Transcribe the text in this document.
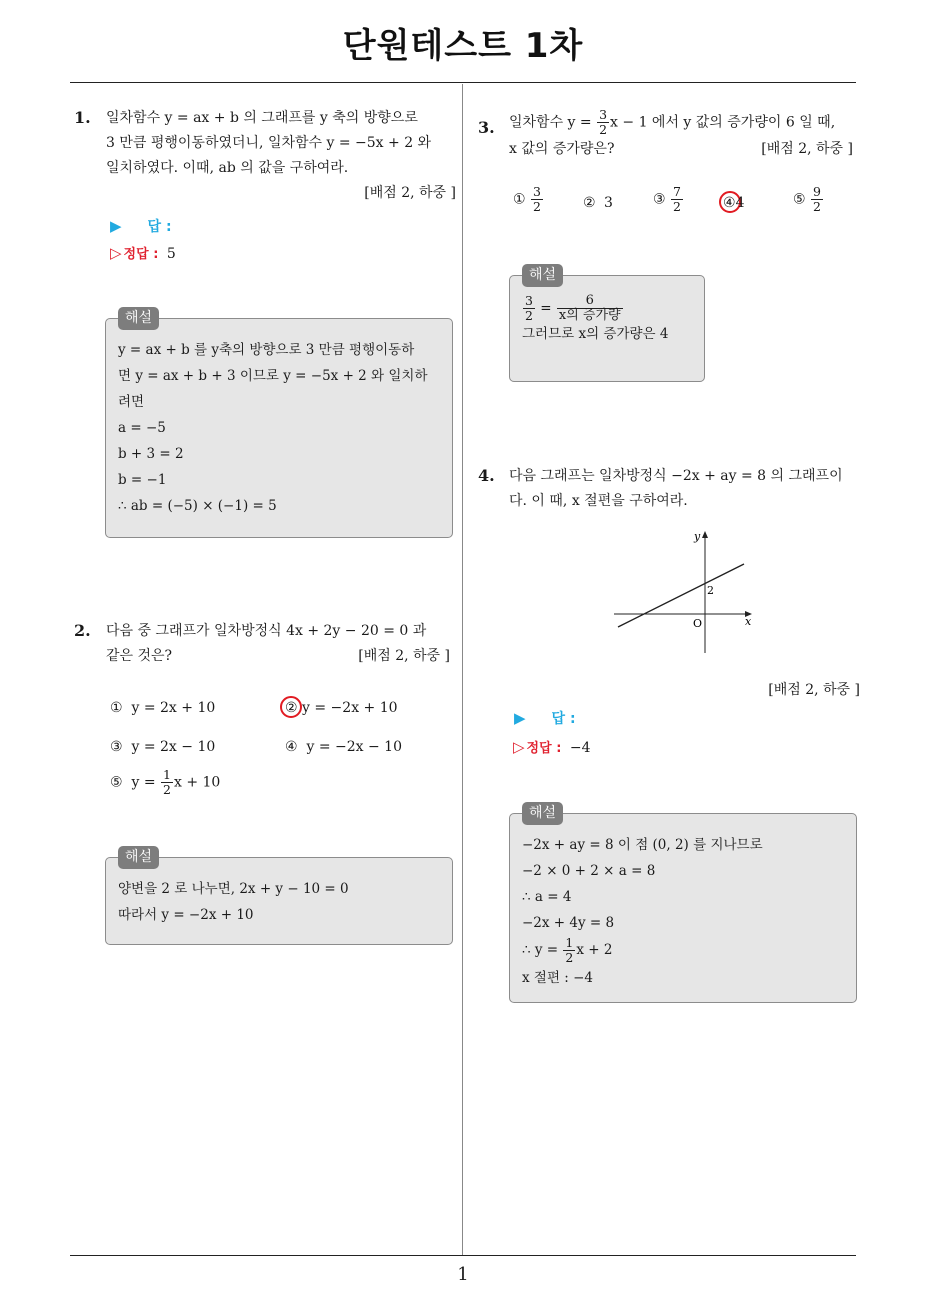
단원테스트 1차
1. 일차함수 y = ax + b 의 그래프를 y 축의 방향으로
3 만큼 평행이동하였더니, 일차함수 y = −5x + 2 와
일치하였다. 이때, ab 의 값을 구하여라.
[배점 2, 하중 ]
▶ 답 :
▷ 정답 : 5
해설
y = ax + b 를 y축의 방향으로 3 만큼 평행이동하
면 y = ax + b + 3 이므로 y = −5x + 2 와 일치하
려면
a = −5
b + 3 = 2
b = −1
∴ ab = (−5) × (−1) = 5
2. 다음 중 그래프가 일차방정식 4x + 2y − 20 = 0 과
같은 것은?	[배점 2, 하중 ]
① y = 2x + 10	② y = −2x + 10
③ y = 2x − 10	④ y = −2x − 10
⑤ $y = \frac{1}{2}$ x + 10
해설
양변을 2 로 나누면, 2x + y − 10 = 0
따라서 y = −2x + 10
3. 일차함수 $y = \frac{3}{2}$ x − 1 에서 y 값의 증가량이 6 일 때,
x 값의 증가량은?	[배점 2, 하중 ]
① $\frac{3}{2}$	② 3	③ $\frac{7}{2}$	④4	⑤ $\frac{9}{2}$
해설
$\frac{3}{2} = \frac{6}{\text{x의 증가량}}$
그러므로 x의 증가량은 4
4. 다음 그래프는 일차방정식 −2x + ay = 8 의 그래프이
다. 이 때, x 절편을 구하여라.
y
x
O
2
[배점 2, 하중 ]
▶ 답 :
▷ 정답 : −4
해설
−2x + ay = 8 이 점 (0, 2) 를 지나므로
−2 × 0 + 2 × a = 8
∴ a = 4
−2x + 4y = 8
∴ $y = \frac{1}{2}$ x + 2
x 절편 : −4
1
